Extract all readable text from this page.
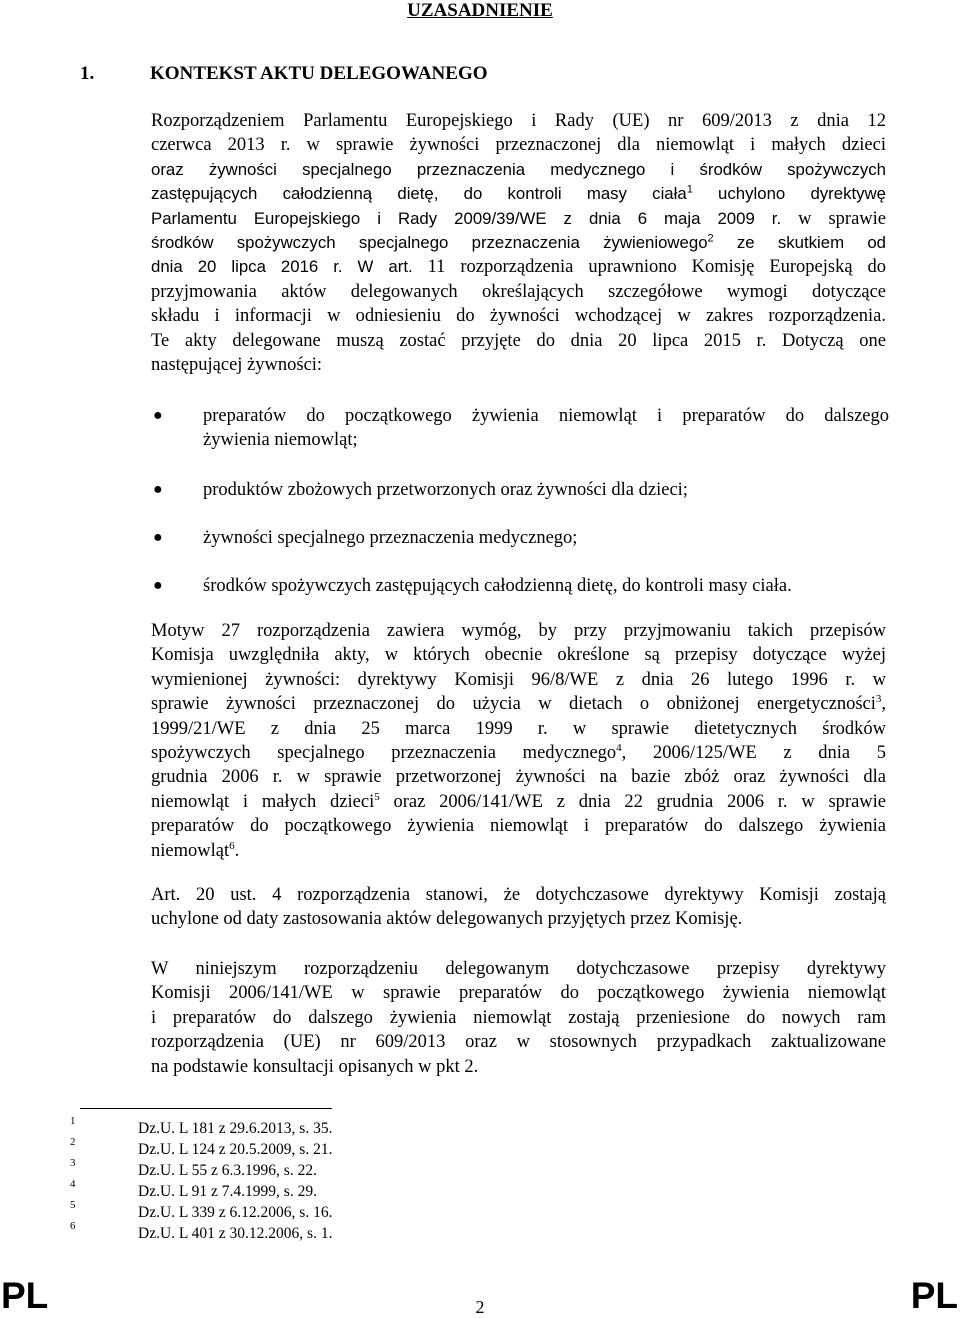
UZASADNIENIE
1.	KONTEKST AKTU DELEGOWANEGO
Rozporządzeniem Parlamentu Europejskiego i Rady (UE) nr 609/2013 z dnia 12
czerwca 2013 r. w sprawie żywności przeznaczonej dla niemowląt i małych dzieci
oraz żywności specjalnego przeznaczenia medycznego i środków spożywczych
zastępujących całodzienną dietę, do kontroli masy ciała$^1$ uchylono dyrektywę
Parlamentu Europejskiego i Rady 2009/39/WE z dnia 6 maja 2009 r. w sprawie
środków spożywczych specjalnego przeznaczenia żywieniowego$^2$ ze skutkiem od
dnia 20 lipca 2016 r. W art. 11 rozporządzenia uprawniono Komisję Europejską do
przyjmowania aktów delegowanych określających szczegółowe wymogi dotyczące
składu i informacji w odniesieniu do żywności wchodzącej w zakres rozporządzenia.
Te akty delegowane muszą zostać przyjęte do dnia 20 lipca 2015 r. Dotyczą one
następującej żywności:
● preparatów do początkowego żywienia niemowląt i preparatów do dalszego
żywienia niemowląt;
● produktów zbożowych przetworzonych oraz żywności dla dzieci;
● żywności specjalnego przeznaczenia medycznego;
● środków spożywczych zastępujących całodzienną dietę, do kontroli masy ciała.
Motyw 27 rozporządzenia zawiera wymóg, by przy przyjmowaniu takich przepisów
Komisja uwzględniła akty, w których obecnie określone są przepisy dotyczące wyżej
wymienionej żywności: dyrektywy Komisji 96/8/WE z dnia 26 lutego 1996 r. w
sprawie żywności przeznaczonej do użycia w dietach o obniżonej energetyczności$^3$,
1999/21/WE z dnia 25 marca 1999 r. w sprawie dietetycznych środków
spożywczych specjalnego przeznaczenia medycznego$^4$, 2006/125/WE z dnia 5
grudnia 2006 r. w sprawie przetworzonej żywności na bazie zbóż oraz żywności dla
niemowląt i małych dzieci$^5$ oraz 2006/141/WE z dnia 22 grudnia 2006 r. w sprawie
preparatów do początkowego żywienia niemowląt i preparatów do dalszego żywienia
niemowląt$^6$.
Art. 20 ust. 4 rozporządzenia stanowi, że dotychczasowe dyrektywy Komisji zostają
uchylone od daty zastosowania aktów delegowanych przyjętych przez Komisję.
W niniejszym rozporządzeniu delegowanym dotychczasowe przepisy dyrektywy
Komisji 2006/141/WE w sprawie preparatów do początkowego żywienia niemowląt
i preparatów do dalszego żywienia niemowląt zostają przeniesione do nowych ram
rozporządzenia (UE) nr 609/2013 oraz w stosownych przypadkach zaktualizowane
na podstawie konsultacji opisanych w pkt 2.
1	Dz.U. L 181 z 29.6.2013, s. 35.
2	Dz.U. L 124 z 20.5.2009, s. 21.
3	Dz.U. L 55 z 6.3.1996, s. 22.
4	Dz.U. L 91 z 7.4.1999, s. 29.
5	Dz.U. L 339 z 6.12.2006, s. 16.
6	Dz.U. L 401 z 30.12.2006, s. 1.
PL	2	PL
